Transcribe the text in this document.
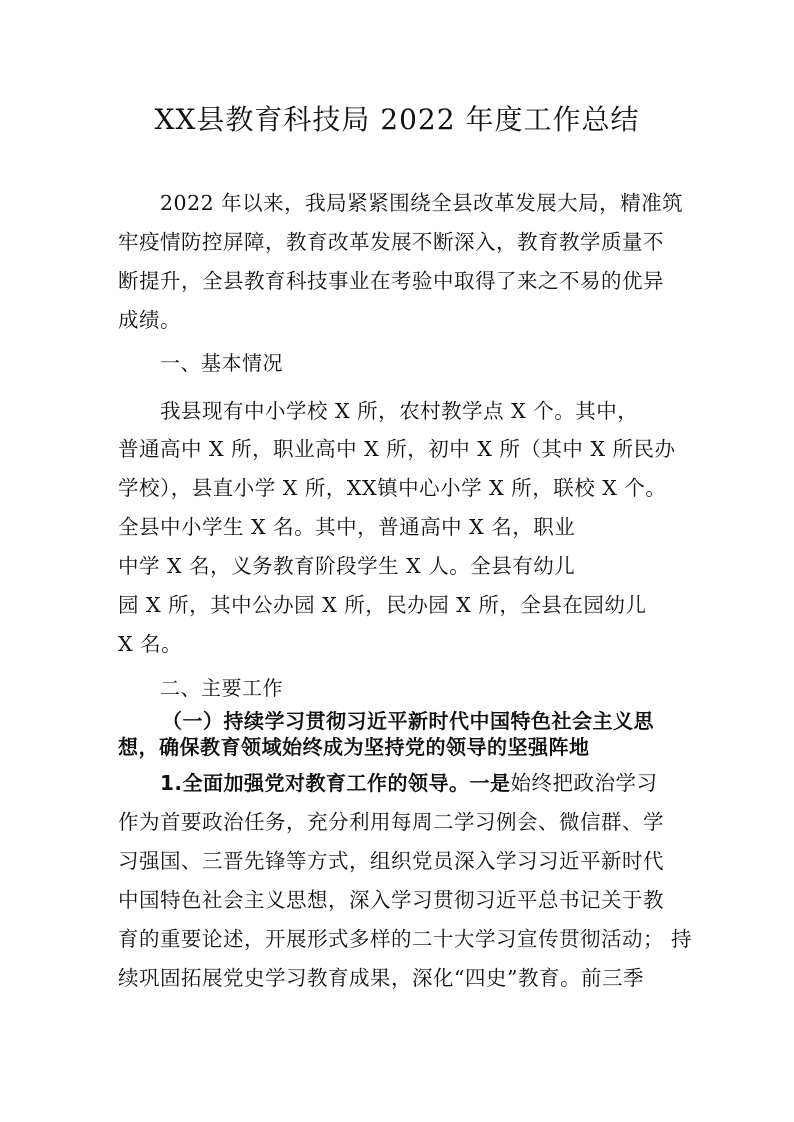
XX县教育科技局 2022 年度工作总结
2022 年以来，我局紧紧围绕全县改革发展大局，精准筑
牢疫情防控屏障，教育改革发展不断深入，教育教学质量不
断提升，全县教育科技事业在考验中取得了来之不易的优异
成绩。
一、基本情况
我县现有中小学校 X 所，农村教学点 X 个。其中，
普通高中 X 所，职业高中 X 所，初中 X 所（其中 X 所民办
学校），县直小学 X 所，XX镇中心小学 X 所，联校 X 个。
全县中小学生 X 名。其中，普通高中 X 名，职业
中学 X 名，义务教育阶段学生 X 人。全县有幼儿
园 X 所，其中公办园 X 所，民办园 X 所，全县在园幼儿
X 名。
二、主要工作
（一）持续学习贯彻习近平新时代中国特色社会主义思
想，确保教育领域始终成为坚持党的领导的坚强阵地
1.全面加强党对教育工作的领导。一是始终把政治学习
作为首要政治任务，充分利用每周二学习例会、微信群、学
习强国、三晋先锋等方式，组织党员深入学习习近平新时代
中国特色社会主义思想，深入学习贯彻习近平总书记关于教
育的重要论述，开展形式多样的二十大学习宣传贯彻活动； 持
续巩固拓展党史学习教育成果，深化“四史”教育。前三季
